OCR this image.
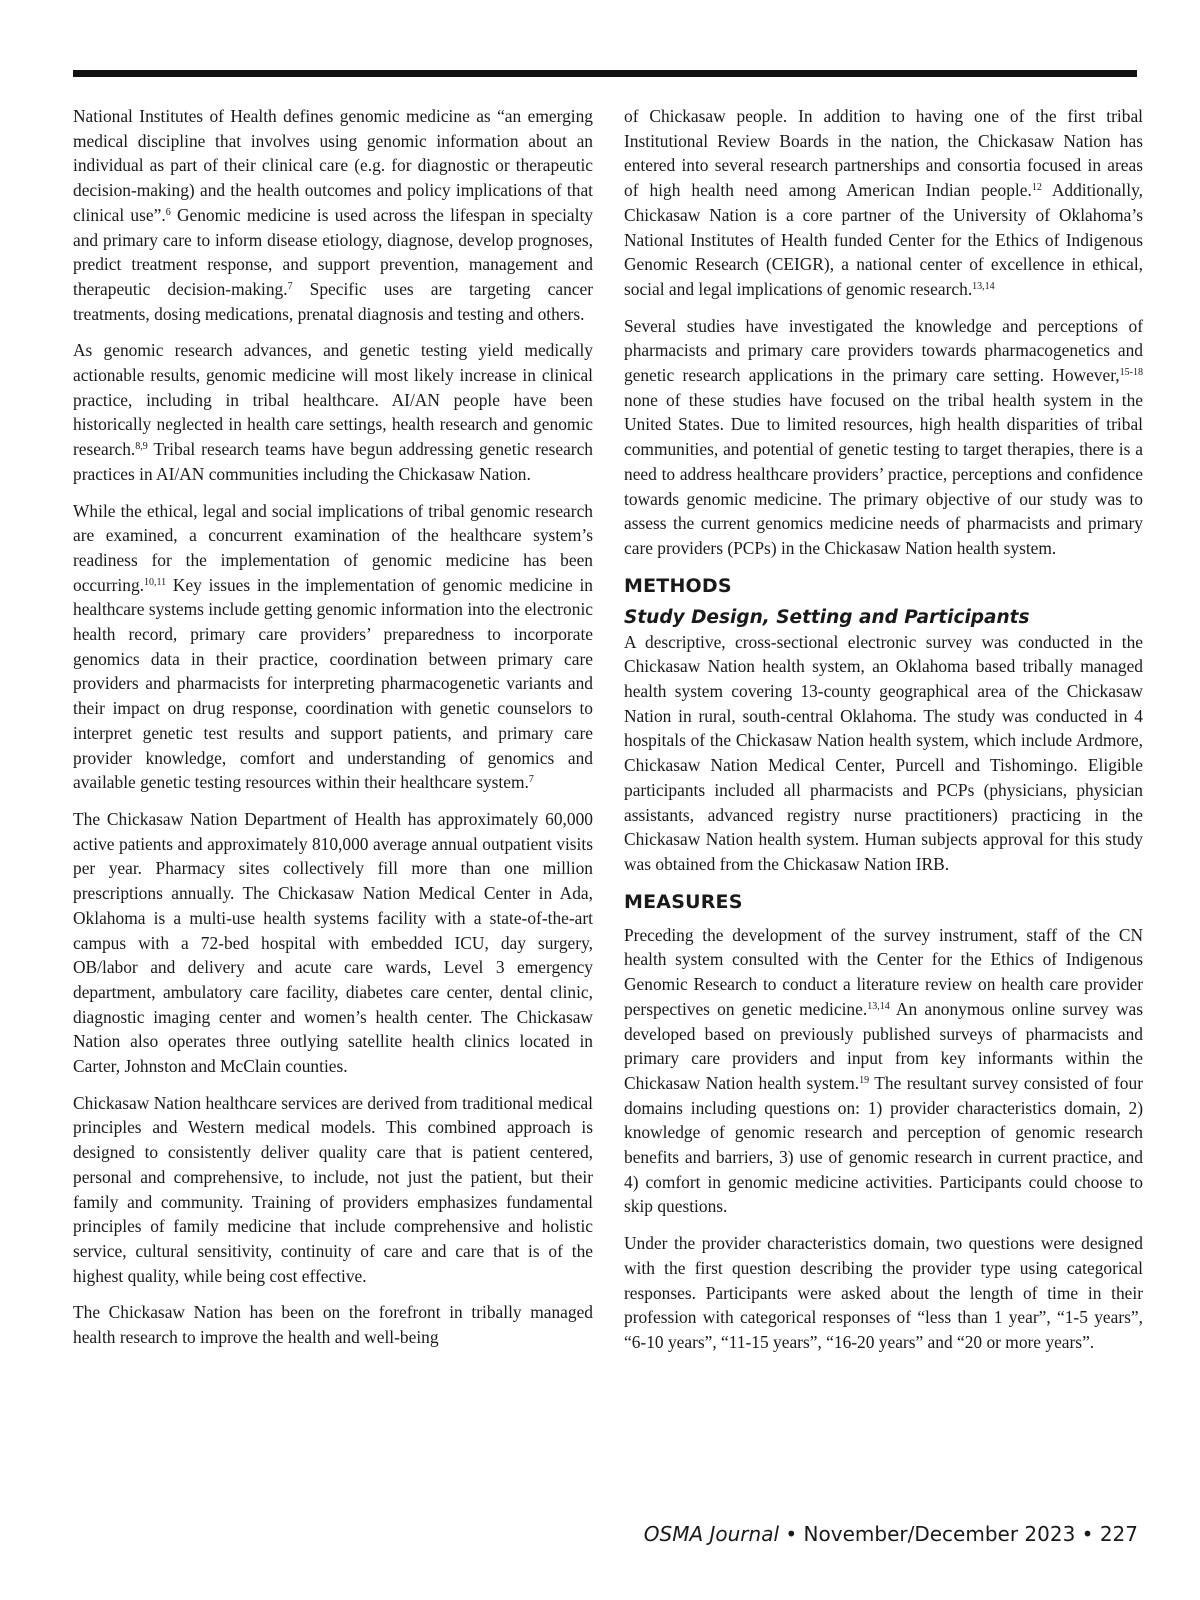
National Institutes of Health defines genomic medicine as “an emerging medical discipline that involves using genomic information about an individual as part of their clinical care (e.g. for diagnostic or therapeutic decision-making) and the health outcomes and policy implications of that clinical use”.$^6$ Genomic medicine is used across the lifespan in specialty and primary care to inform disease etiology, diagnose, develop prognoses, predict treatment response, and support prevention, management and therapeutic decision-making.$^7$ Specific uses are targeting cancer treatments, dosing medications, prenatal diagnosis and testing and others.

As genomic research advances, and genetic testing yield medically actionable results, genomic medicine will most likely increase in clinical practice, including in tribal healthcare. AI/AN people have been historically neglected in health care settings, health research and genomic research.$^{8,9}$ Tribal research teams have begun addressing genetic research practices in AI/AN communities including the Chickasaw Nation.

While the ethical, legal and social implications of tribal genomic research are examined, a concurrent examination of the healthcare system’s readiness for the implementation of genomic medicine has been occurring.$^{10,11}$ Key issues in the implementation of genomic medicine in healthcare systems include getting genomic information into the electronic health record, primary care providers’ preparedness to incorporate genomics data in their practice, coordination between primary care providers and pharmacists for interpreting pharmacogenetic variants and their impact on drug response, coordination with genetic counselors to interpret genetic test results and support patients, and primary care provider knowledge, comfort and understanding of genomics and available genetic testing resources within their healthcare system.$^7$

The Chickasaw Nation Department of Health has approximately 60,000 active patients and approximately 810,000 average annual outpatient visits per year. Pharmacy sites collectively fill more than one million prescriptions annually. The Chickasaw Nation Medical Center in Ada, Oklahoma is a multi-use health systems facility with a state-of-the-art campus with a 72-bed hospital with embedded ICU, day surgery, OB/labor and delivery and acute care wards, Level 3 emergency department, ambulatory care facility, diabetes care center, dental clinic, diagnostic imaging center and women’s health center. The Chickasaw Nation also operates three outlying satellite health clinics located in Carter, Johnston and McClain counties.

Chickasaw Nation healthcare services are derived from traditional medical principles and Western medical models. This combined approach is designed to consistently deliver quality care that is patient centered, personal and comprehensive, to include, not just the patient, but their family and community. Training of providers emphasizes fundamental principles of family medicine that include comprehensive and holistic service, cultural sensitivity, continuity of care and care that is of the highest quality, while being cost effective.

The Chickasaw Nation has been on the forefront in tribally managed health research to improve the health and well-being

of Chickasaw people. In addition to having one of the first tribal Institutional Review Boards in the nation, the Chickasaw Nation has entered into several research partnerships and consortia focused in areas of high health need among American Indian people.$^{12}$ Additionally, Chickasaw Nation is a core partner of the University of Oklahoma’s National Institutes of Health funded Center for the Ethics of Indigenous Genomic Research (CEIGR), a national center of excellence in ethical, social and legal implications of genomic research.$^{13,14}$

Several studies have investigated the knowledge and perceptions of pharmacists and primary care providers towards pharmacogenetics and genetic research applications in the primary care setting. However,$^{15-18}$ none of these studies have focused on the tribal health system in the United States. Due to limited resources, high health disparities of tribal communities, and potential of genetic testing to target therapies, there is a need to address healthcare providers’ practice, perceptions and confidence towards genomic medicine. The primary objective of our study was to assess the current genomics medicine needs of pharmacists and primary care providers (PCPs) in the Chickasaw Nation health system.

METHODS
Study Design, Setting and Participants

A descriptive, cross-sectional electronic survey was conducted in the Chickasaw Nation health system, an Oklahoma based tribally managed health system covering 13-county geographical area of the Chickasaw Nation in rural, south-central Oklahoma. The study was conducted in 4 hospitals of the Chickasaw Nation health system, which include Ardmore, Chickasaw Nation Medical Center, Purcell and Tishomingo. Eligible participants included all pharmacists and PCPs (physicians, physician assistants, advanced registry nurse practitioners) practicing in the Chickasaw Nation health system. Human subjects approval for this study was obtained from the Chickasaw Nation IRB.

MEASURES

Preceding the development of the survey instrument, staff of the CN health system consulted with the Center for the Ethics of Indigenous Genomic Research to conduct a literature review on health care provider perspectives on genetic medicine.$^{13,14}$ An anonymous online survey was developed based on previously published surveys of pharmacists and primary care providers and input from key informants within the Chickasaw Nation health system.$^{19}$ The resultant survey consisted of four domains including questions on: 1) provider characteristics domain, 2) knowledge of genomic research and perception of genomic research benefits and barriers, 3) use of genomic research in current practice, and 4) comfort in genomic medicine activities. Participants could choose to skip questions.

Under the provider characteristics domain, two questions were designed with the first question describing the provider type using categorical responses. Participants were asked about the length of time in their profession with categorical responses of “less than 1 year”, “1-5 years”, “6-10 years”, “11-15 years”, “16-20 years” and “20 or more years”.

OSMA Journal • November/December 2023 • 227
